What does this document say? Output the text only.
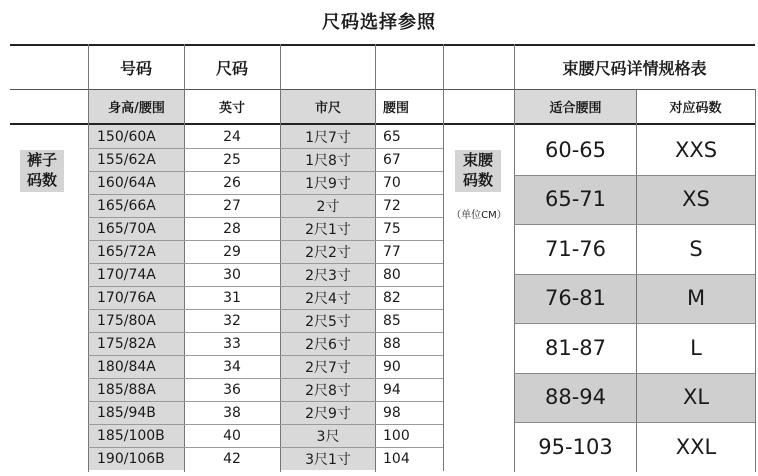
尺码选择参照
号码	尺码	束腰尺码详情规格表
身高/腰围	英寸	市尺	腰围	适合腰围	对应码数
裤子
码数
束腰
码数
（单位CM）
150/60A	24	1尺7寸	65
155/62A	25	1尺8寸	67
160/64A	26	1尺9寸	70
165/66A	27	2寸	72
165/70A	28	2尺1寸	75
165/72A	29	2尺2寸	77
170/74A	30	2尺3寸	80
170/76A	31	2尺4寸	82
175/80A	32	2尺5寸	85
175/82A	33	2尺6寸	88
180/84A	34	2尺7寸	90
185/88A	36	2尺8寸	94
185/94B	38	2尺9寸	98
185/100B	40	3尺	100
190/106B	42	3尺1寸	104
60-65	XXS
65-71	XS
71-76	S
76-81	M
81-87	L
88-94	XL
95-103	XXL
